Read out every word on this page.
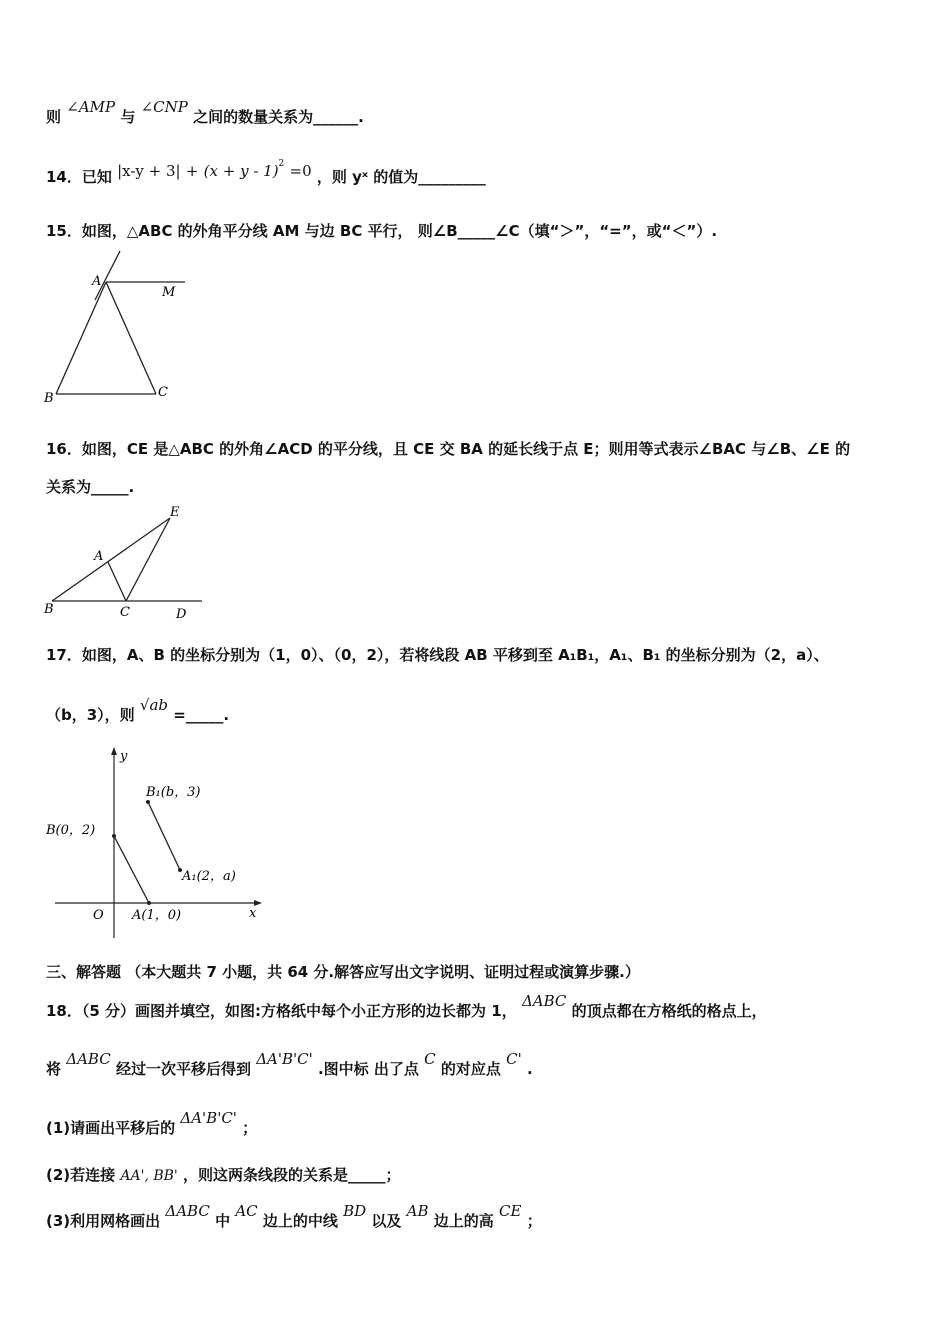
则 ∠AMP 与 ∠CNP 之间的数量关系为______.
14．已知 $|x-y + 3| + (x + y - 1)^2 =0$ ，则 yˣ 的值为_________
15．如图，△ABC 的外角平分线 AM 与边 BC 平行， 则∠B_____∠C（填“＞”，“=”，或“＜”）.
A
M
B	C
16．如图，CE 是△ABC 的外角∠ACD 的平分线，且 CE 交 BA 的延长线于点 E；则用等式表示∠BAC 与∠B、∠E 的
关系为_____.
A
B	C	D
E
17．如图，A、B 的坐标分别为（1，0）、（0，2），若将线段 AB 平移到至 A₁B₁，A₁、B₁ 的坐标分别为（2，a）、
（b，3），则 √ab =_____.
y
x
O
B(0，2)
A(1，0)
B₁(b，3)
A₁(2，a)
三、解答题 （本大题共 7 小题，共 64 分.解答应写出文字说明、证明过程或演算步骤.）
18．（5 分）画图并填空，如图:方格纸中每个小正方形的边长都为 1， ΔABC 的顶点都在方格纸的格点上，
将 ΔABC 经过一次平移后得到 ΔA'B'C' .图中标 出了点 C 的对应点 C' .
(1)请画出平移后的 ΔA'B'C' ；
(2)若连接 AA', BB' ，则这两条线段的关系是_____；
(3)利用网格画出 ΔABC 中 AC 边上的中线 BD 以及 AB 边上的高 CE ；
